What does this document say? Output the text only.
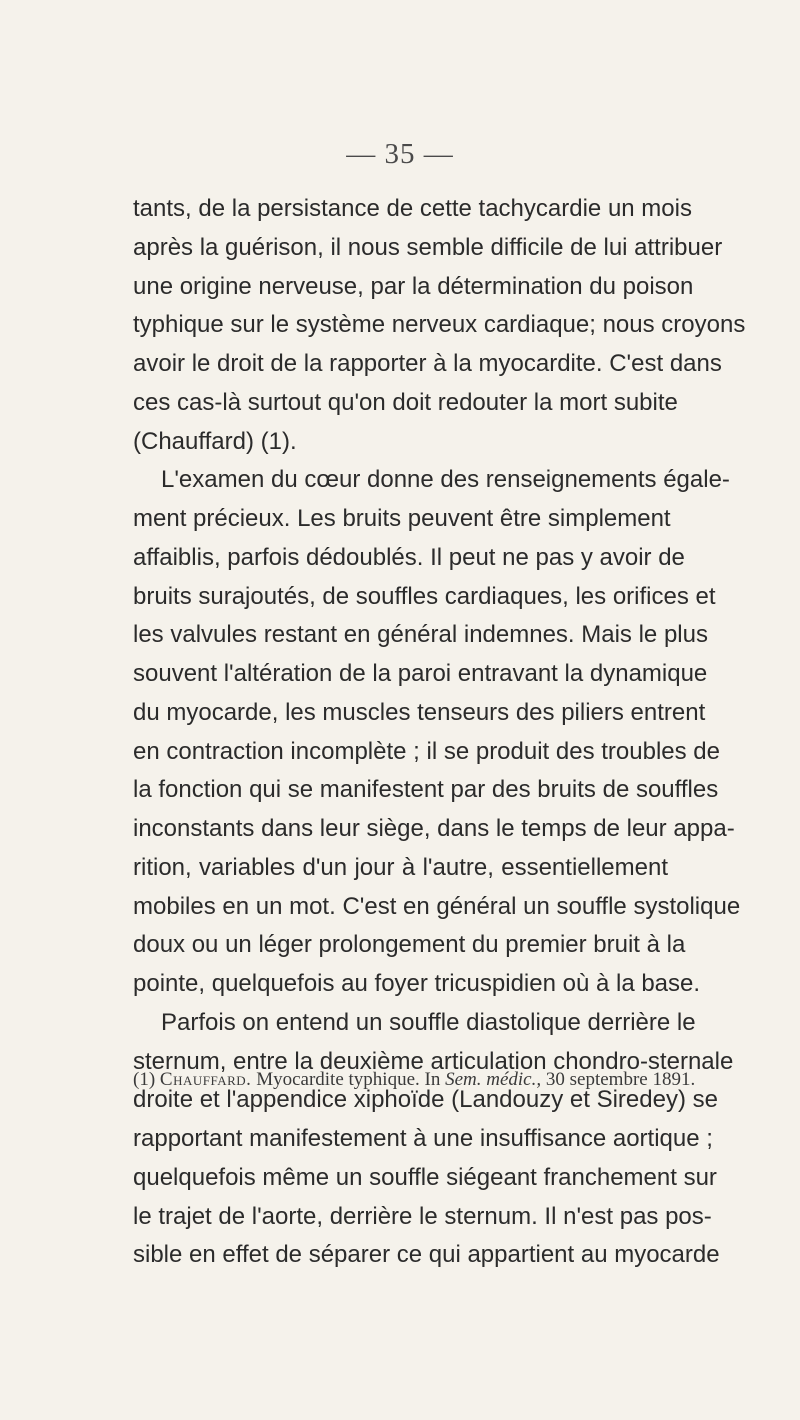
— 35 —
tants, de la persistance de cette tachycardie un mois
après la guérison, il nous semble difficile de lui attribuer
une origine nerveuse, par la détermination du poison
typhique sur le système nerveux cardiaque; nous croyons
avoir le droit de la rapporter à la myocardite. C'est dans
ces cas-là surtout qu'on doit redouter la mort subite
(Chauffard) (1).
L'examen du cœur donne des renseignements égale-
ment précieux. Les bruits peuvent être simplement
affaiblis, parfois dédoublés. Il peut ne pas y avoir de
bruits surajoutés, de souffles cardiaques, les orifices et
les valvules restant en général indemnes. Mais le plus
souvent l'altération de la paroi entravant la dynamique
du myocarde, les muscles tenseurs des piliers entrent
en contraction incomplète ; il se produit des troubles de
la fonction qui se manifestent par des bruits de souffles
inconstants dans leur siège, dans le temps de leur appa-
rition, variables d'un jour à l'autre, essentiellement
mobiles en un mot. C'est en général un souffle systolique
doux ou un léger prolongement du premier bruit à la
pointe, quelquefois au foyer tricuspidien où à la base.
Parfois on entend un souffle diastolique derrière le
sternum, entre la deuxième articulation chondro-sternale
droite et l'appendice xiphoïde (Landouzy et Siredey) se
rapportant manifestement à une insuffisance aortique ;
quelquefois même un souffle siégeant franchement sur
le trajet de l'aorte, derrière le sternum. Il n'est pas pos-
sible en effet de séparer ce qui appartient au myocarde
(1) Chauffard. Myocardite typhique. In Sem. médic., 30 septembre 1891.
